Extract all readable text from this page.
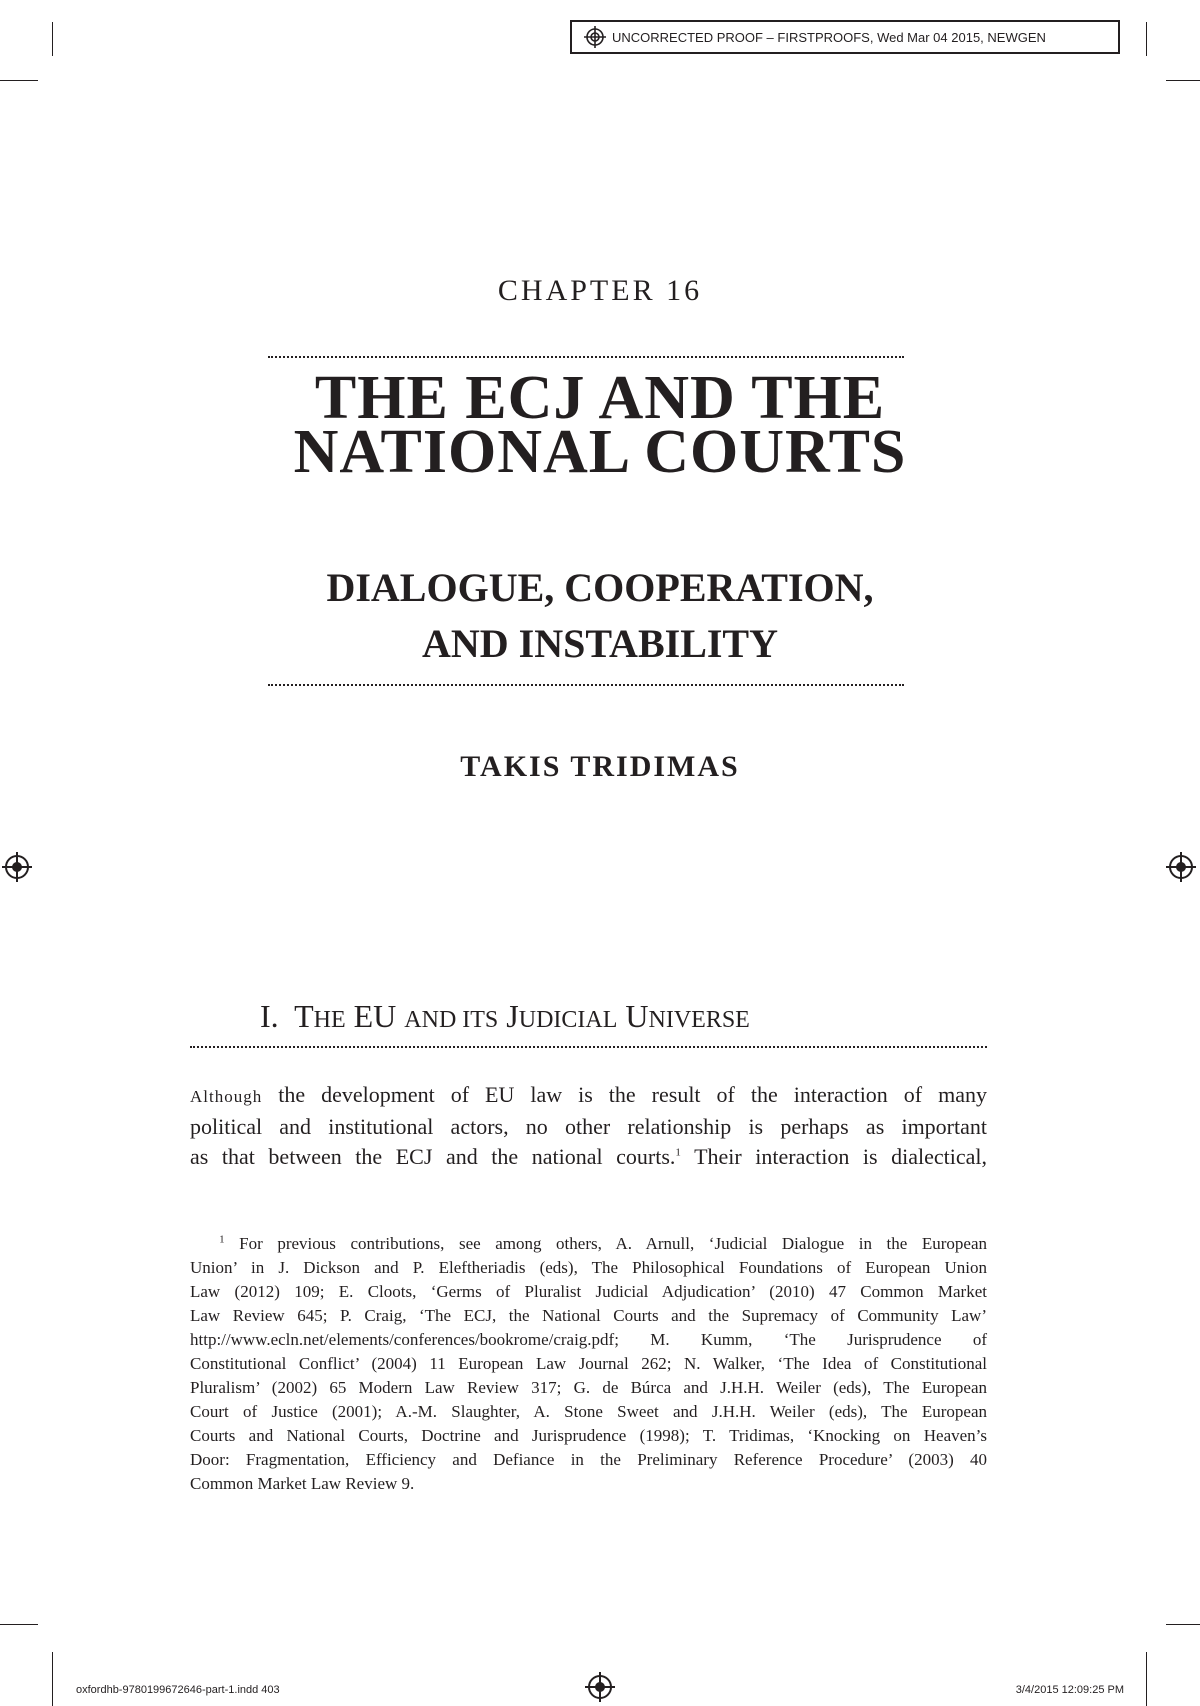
UNCORRECTED PROOF – FIRSTPROOFS, Wed Mar 04 2015, NEWGEN
CHAPTER 16
THE ECJ AND THE
NATIONAL COURTS
DIALOGUE, COOPERATION,
AND INSTABILITY
TAKIS TRIDIMAS
I. THE EU AND ITS JUDICIAL UNIVERSE
Although the development of EU law is the result of the interaction of many
political and institutional actors, no other relationship is perhaps as important
as that between the ECJ and the national courts.$^1$ Their interaction is dialectical,
$^1$ For previous contributions, see among others, A. Arnull, ‘Judicial Dialogue in the European
Union’ in J. Dickson and P. Eleftheriadis (eds), The Philosophical Foundations of European Union
Law (2012) 109; E. Cloots, ‘Germs of Pluralist Judicial Adjudication’ (2010) 47 Common Market
Law Review 645; P. Craig, ‘The ECJ, the National Courts and the Supremacy of Community Law’
http://www.ecln.net/elements/conferences/bookrome/craig.pdf; M. Kumm, ‘The Jurisprudence of
Constitutional Conflict’ (2004) 11 European Law Journal 262; N. Walker, ‘The Idea of Constitutional
Pluralism’ (2002) 65 Modern Law Review 317; G. de Búrca and J.H.H. Weiler (eds), The European
Court of Justice (2001); A.-M. Slaughter, A. Stone Sweet and J.H.H. Weiler (eds), The European
Courts and National Courts, Doctrine and Jurisprudence (1998); T. Tridimas, ‘Knocking on Heaven’s
Door: Fragmentation, Efficiency and Defiance in the Preliminary Reference Procedure’ (2003) 40
Common Market Law Review 9.
oxfordhb-9780199672646-part-1.indd 403	3/4/2015 12:09:25 PM
